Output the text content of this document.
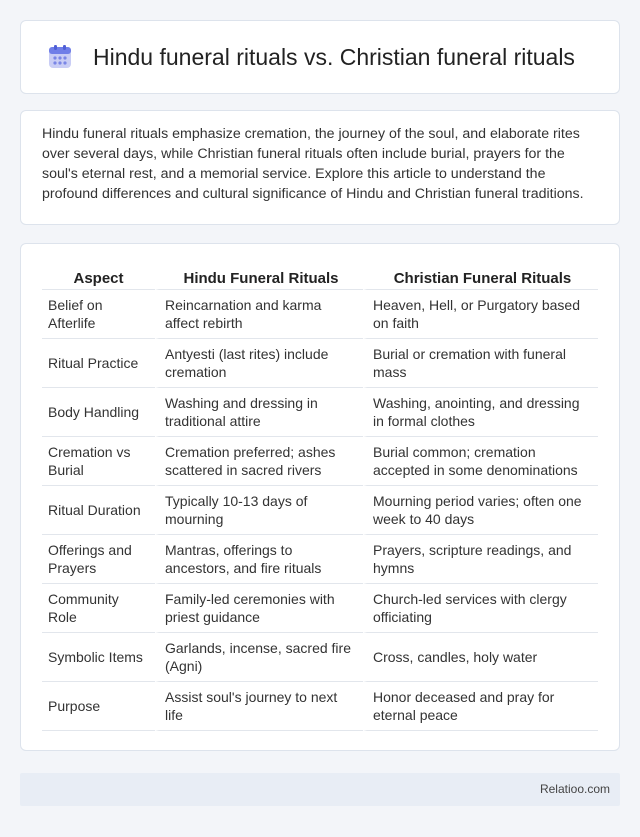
Hindu funeral rituals vs. Christian funeral rituals

Hindu funeral rituals emphasize cremation, the journey of the soul, and elaborate rites over several days, while Christian funeral rituals often include burial, prayers for the soul's eternal rest, and a memorial service. Explore this article to understand the profound differences and cultural significance of Hindu and Christian funeral traditions.

Aspect	Hindu Funeral Rituals	Christian Funeral Rituals
Belief on Afterlife	Reincarnation and karma affect rebirth	Heaven, Hell, or Purgatory based on faith
Ritual Practice	Antyesti (last rites) include cremation	Burial or cremation with funeral mass
Body Handling	Washing and dressing in traditional attire	Washing, anointing, and dressing in formal clothes
Cremation vs Burial	Cremation preferred; ashes scattered in sacred rivers	Burial common; cremation accepted in some denominations
Ritual Duration	Typically 10-13 days of mourning	Mourning period varies; often one week to 40 days
Offerings and Prayers	Mantras, offerings to ancestors, and fire rituals	Prayers, scripture readings, and hymns
Community Role	Family-led ceremonies with priest guidance	Church-led services with clergy officiating
Symbolic Items	Garlands, incense, sacred fire (Agni)	Cross, candles, holy water
Purpose	Assist soul's journey to next life	Honor deceased and pray for eternal peace
Relatioo.com
